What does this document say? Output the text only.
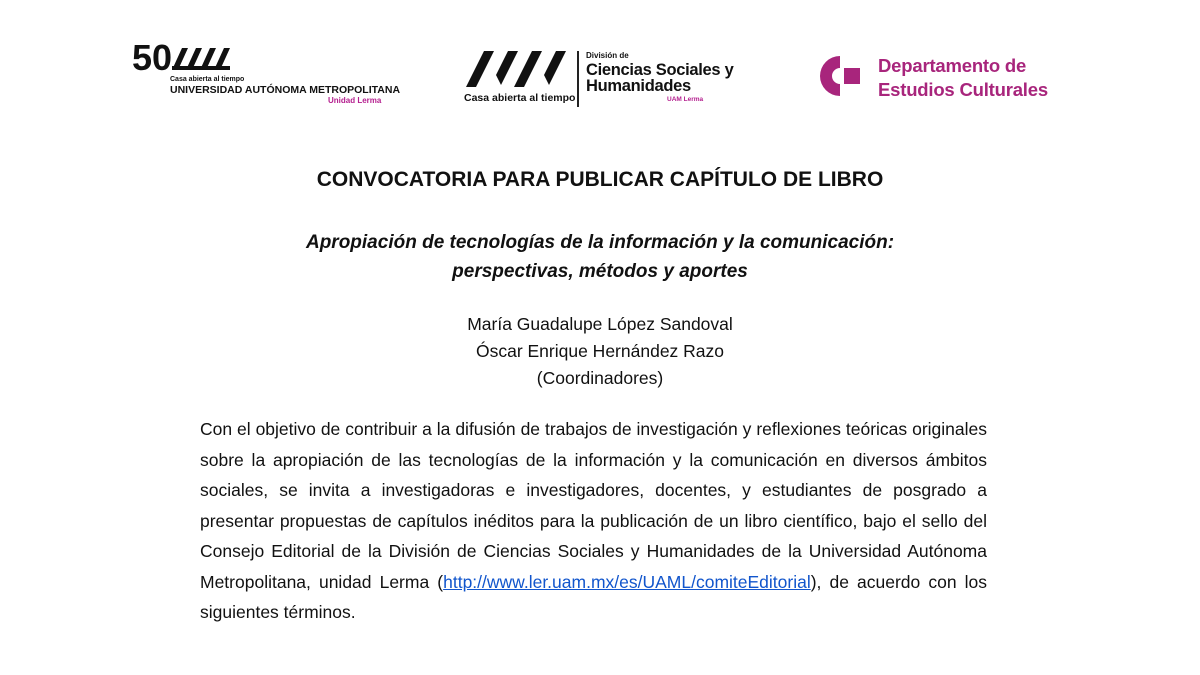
50
Casa abierta al tiempo
UNIVERSIDAD AUTÓNOMA METROPOLITANA
Unidad Lerma	Casa abierta al tiempo
División de
Ciencias Sociales y
Humanidades
UAM Lerma
Departamento de
Estudios Culturales
CONVOCATORIA PARA PUBLICAR CAPÍTULO DE LIBRO
Apropiación de tecnologías de la información y la comunicación:
perspectivas, métodos y aportes
María Guadalupe López Sandoval
Óscar Enrique Hernández Razo
(Coordinadores)
Con el objetivo de contribuir a la difusión de trabajos de investigación y reflexiones teóricas originales sobre la apropiación de las tecnologías de la información y la comunicación en diversos ámbitos sociales, se invita a investigadoras e investigadores, docentes, y estudiantes de posgrado a presentar propuestas de capítulos inéditos para la publicación de un libro científico, bajo el sello del Consejo Editorial de la División de Ciencias Sociales y Humanidades de la Universidad Autónoma Metropolitana, unidad Lerma (http://www.ler.uam.mx/es/UAML/comiteEditorial), de acuerdo con los siguientes términos.
